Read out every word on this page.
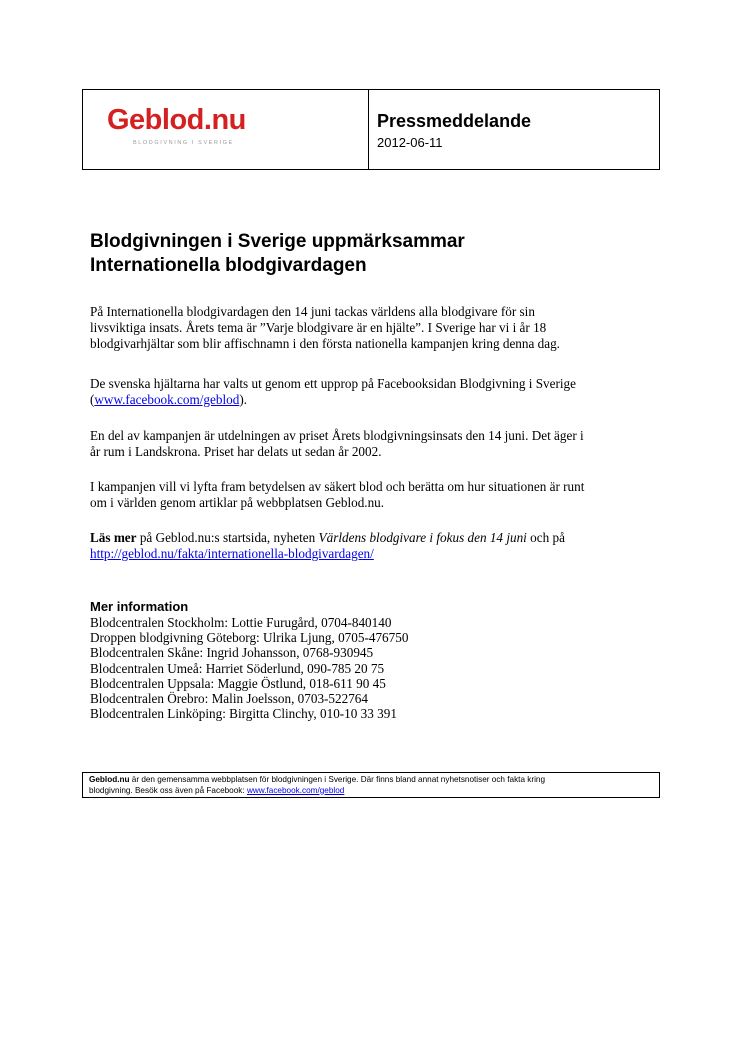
Geblod.nu
BLODGIVNING I SVERIGE
Pressmeddelande
2012-06-11
Blodgivningen i Sverige uppmärksammar
Internationella blodgivardagen

På Internationella blodgivardagen den 14 juni tackas världens alla blodgivare för sin
livsviktiga insats. Årets tema är ”Varje blodgivare är en hjälte”. I Sverige har vi i år 18
blodgivarhjältar som blir affischnamn i den första nationella kampanjen kring denna dag.

De svenska hjältarna har valts ut genom ett upprop på Facebooksidan Blodgivning i Sverige
(www.facebook.com/geblod).

En del av kampanjen är utdelningen av priset Årets blodgivningsinsats den 14 juni. Det äger i
år rum i Landskrona. Priset har delats ut sedan år 2002.

I kampanjen vill vi lyfta fram betydelsen av säkert blod och berätta om hur situationen är runt
om i världen genom artiklar på webbplatsen Geblod.nu.

Läs mer på Geblod.nu:s startsida, nyheten Världens blodgivare i fokus den 14 juni och på
http://geblod.nu/fakta/internationella-blodgivardagen/

Mer information
Blodcentralen Stockholm: Lottie Furugård, 0704-840140
Droppen blodgivning Göteborg: Ulrika Ljung, 0705-476750
Blodcentralen Skåne: Ingrid Johansson, 0768-930945
Blodcentralen Umeå: Harriet Söderlund, 090-785 20 75
Blodcentralen Uppsala: Maggie Östlund, 018-611 90 45
Blodcentralen Örebro: Malin Joelsson, 0703-522764
Blodcentralen Linköping: Birgitta Clinchy, 010-10 33 391
Geblod.nu är den gemensamma webbplatsen för blodgivningen i Sverige. Där finns bland annat nyhetsnotiser och fakta kring
blodgivning. Besök oss även på Facebook: www.facebook.com/geblod
